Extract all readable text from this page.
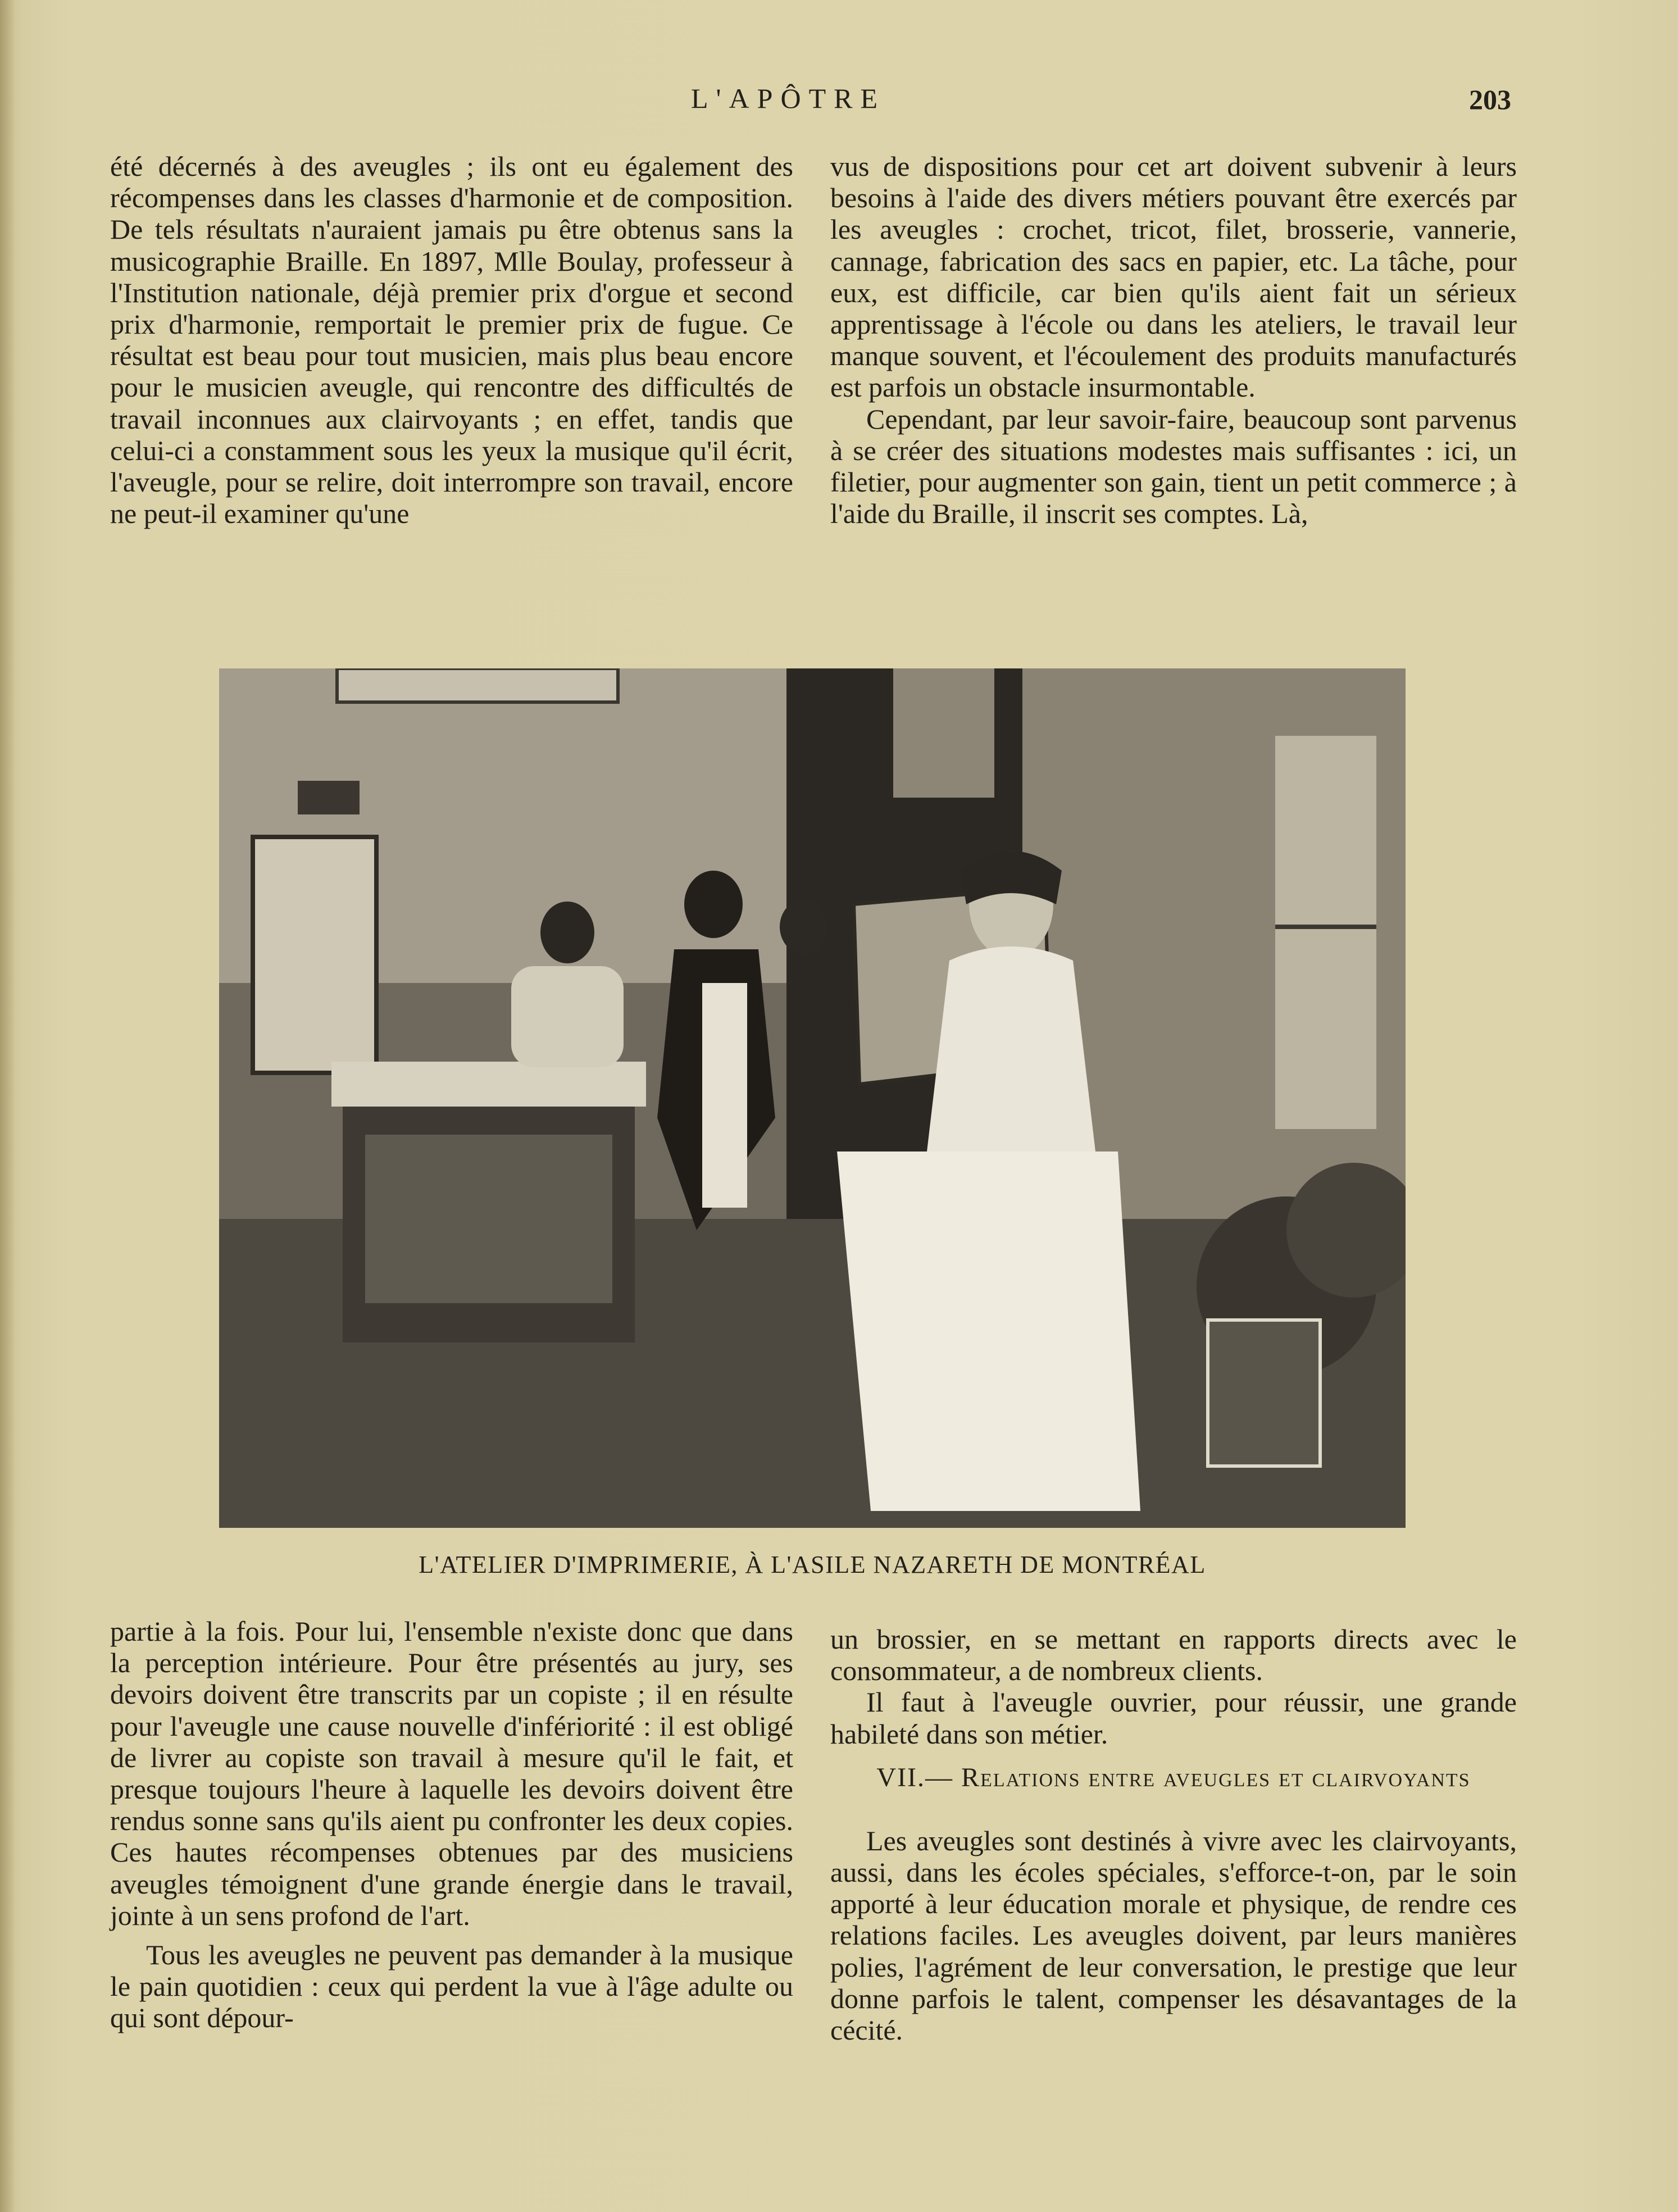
L'APÔTRE	203

été décernés à des aveugles ; ils ont eu également des récompenses dans les classes d'harmonie et de composition. De tels résultats n'auraient jamais pu être obtenus sans la musicographie Braille. En 1897, Mlle Boulay, professeur à l'Institution nationale, déjà premier prix d'orgue et second prix d'harmonie, remportait le premier prix de fugue. Ce résultat est beau pour tout musicien, mais plus beau encore pour le musicien aveugle, qui rencontre des difficultés de travail inconnues aux clairvoyants ; en effet, tandis que celui-ci a constamment sous les yeux la musique qu'il écrit, l'aveugle, pour se relire, doit interrompre son travail, encore ne peut-il examiner qu'une

vus de dispositions pour cet art doivent subvenir à leurs besoins à l'aide des divers métiers pouvant être exercés par les aveugles : crochet, tricot, filet, brosserie, vannerie, cannage, fabrication des sacs en papier, etc. La tâche, pour eux, est difficile, car bien qu'ils aient fait un sérieux apprentissage à l'école ou dans les ateliers, le travail leur manque souvent, et l'écoulement des produits manufacturés est parfois un obstacle insurmontable.

Cependant, par leur savoir-faire, beaucoup sont parvenus à se créer des situations modestes mais suffisantes : ici, un filetier, pour augmenter son gain, tient un petit commerce ; à l'aide du Braille, il inscrit ses comptes. Là,

L'ATELIER D'IMPRIMERIE, À L'ASILE NAZARETH DE MONTRÉAL

partie à la fois. Pour lui, l'ensemble n'existe donc que dans la perception intérieure. Pour être présentés au jury, ses devoirs doivent être transcrits par un copiste ; il en résulte pour l'aveugle une cause nouvelle d'infériorité : il est obligé de livrer au copiste son travail à mesure qu'il le fait, et presque toujours l'heure à laquelle les devoirs doivent être rendus sonne sans qu'ils aient pu confronter les deux copies. Ces hautes récompenses obtenues par des musiciens aveugles témoignent d'une grande énergie dans le travail, jointe à un sens profond de l'art.

Tous les aveugles ne peuvent pas demander à la musique le pain quotidien : ceux qui perdent la vue à l'âge adulte ou qui sont dépour-

un brossier, en se mettant en rapports directs avec le consommateur, a de nombreux clients.

Il faut à l'aveugle ouvrier, pour réussir, une grande habileté dans son métier.

VII.— Relations entre aveugles et clairvoyants

Les aveugles sont destinés à vivre avec les clairvoyants, aussi, dans les écoles spéciales, s'efforce-t-on, par le soin apporté à leur éducation morale et physique, de rendre ces relations faciles. Les aveugles doivent, par leurs manières polies, l'agrément de leur conversation, le prestige que leur donne parfois le talent, compenser les désavantages de la cécité.
